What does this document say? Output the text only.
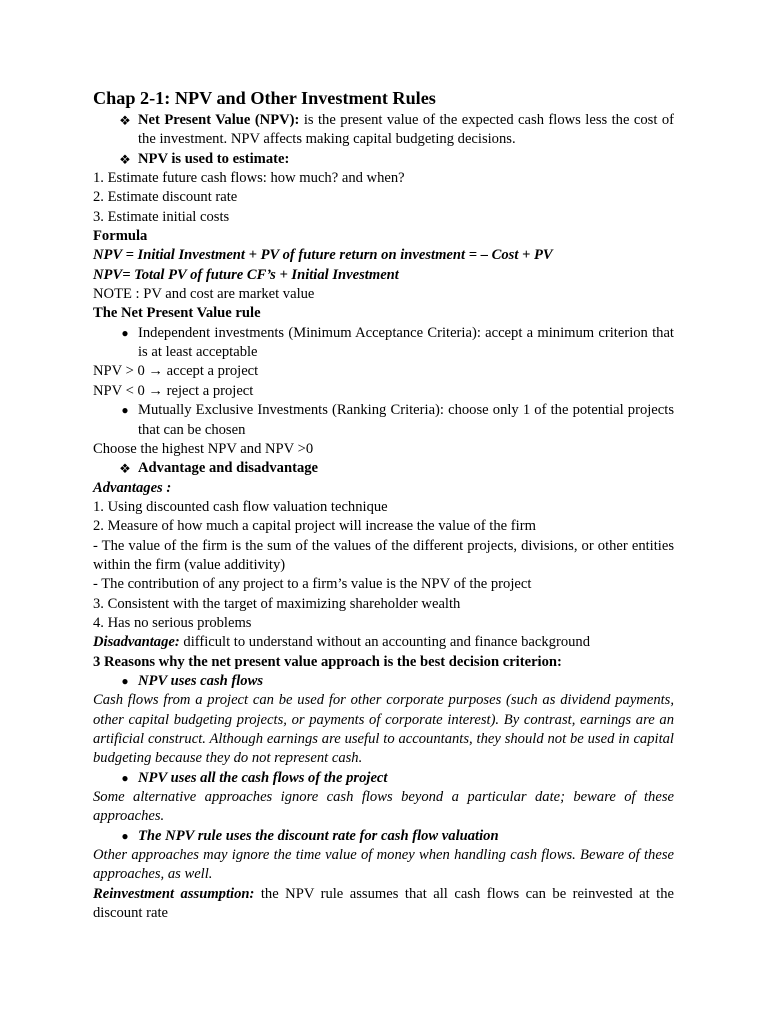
Chap 2-1: NPV and Other Investment Rules
❖ Net Present Value (NPV): is the present value of the expected cash flows less the cost of the investment. NPV affects making capital budgeting decisions.
❖ NPV is used to estimate:
1. Estimate future cash flows: how much? and when?
2. Estimate discount rate
3. Estimate initial costs
Formula
NPV = Initial Investment + PV of future return on investment = – Cost + PV
NPV= Total PV of future CF’s + Initial Investment
NOTE : PV and cost are market value
The Net Present Value rule
● Independent investments (Minimum Acceptance Criteria): accept a minimum criterion that is at least acceptable
NPV > 0 → accept a project
NPV < 0 → reject a project
● Mutually Exclusive Investments (Ranking Criteria): choose only 1 of the potential projects that can be chosen
Choose the highest NPV and NPV >0
❖ Advantage and disadvantage
Advantages :
1. Using discounted cash flow valuation technique
2. Measure of how much a capital project will increase the value of the firm
- The value of the firm is the sum of the values of the different projects, divisions, or other entities within the firm (value additivity)
- The contribution of any project to a firm’s value is the NPV of the project
3. Consistent with the target of maximizing shareholder wealth
4. Has no serious problems
Disadvantage: difficult to understand without an accounting and finance background
3 Reasons why the net present value approach is the best decision criterion:
● NPV uses cash flows
Cash flows from a project can be used for other corporate purposes (such as dividend payments, other capital budgeting projects, or payments of corporate interest). By contrast, earnings are an artificial construct. Although earnings are useful to accountants, they should not be used in capital budgeting because they do not represent cash.
● NPV uses all the cash flows of the project
Some alternative approaches ignore cash flows beyond a particular date; beware of these approaches.
● The NPV rule uses the discount rate for cash flow valuation
Other approaches may ignore the time value of money when handling cash flows. Beware of these approaches, as well.
Reinvestment assumption: the NPV rule assumes that all cash flows can be reinvested at the discount rate
